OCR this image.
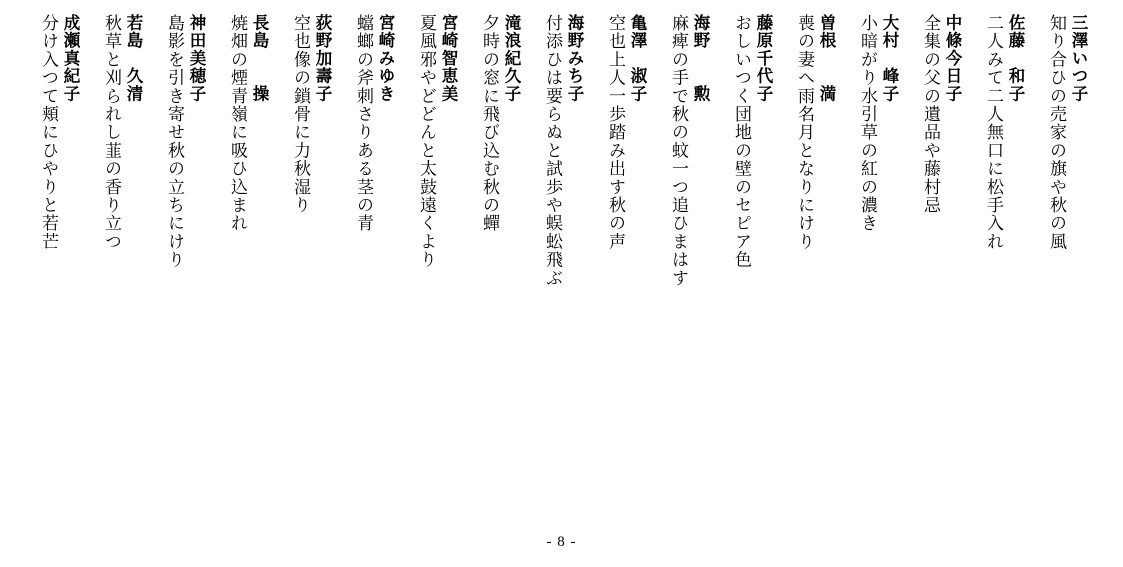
三澤いつ子
知り合ひの売家の旗や秋の風
佐藤　和子
二人みて二人無口に松手入れ
中條今日子
全集の父の遺品や藤村忌
大村　峰子
小暗がり水引草の紅の濃き
曽根　　満
喪の妻へ雨名月となりにけり
藤原千代子
おしいつく団地の壁のセピア色
海野　　勲
麻痺の手で秋の蚊一つ追ひまはす
亀澤　淑子
空也上人一歩踏み出す秋の声
海野みち子
付添ひは要らぬと試歩や蜈蚣飛ぶ
滝浪紀久子
夕時の窓に飛び込む秋の蟬
宮崎智恵美
夏風邪やどどんと太鼓遠くより
宮崎みゆき
蟷螂の斧刺さりある茎の青
荻野加壽子
空也像の鎖骨に力秋湿り
長島　　操
焼畑の煙青嶺に吸ひ込まれ
神田美穂子
島影を引き寄せ秋の立ちにけり
若島　久清
秋草と刈られし韮の香り立つ
成瀬真紀子
分け入つて頬にひやりと若芒
- 8 -
